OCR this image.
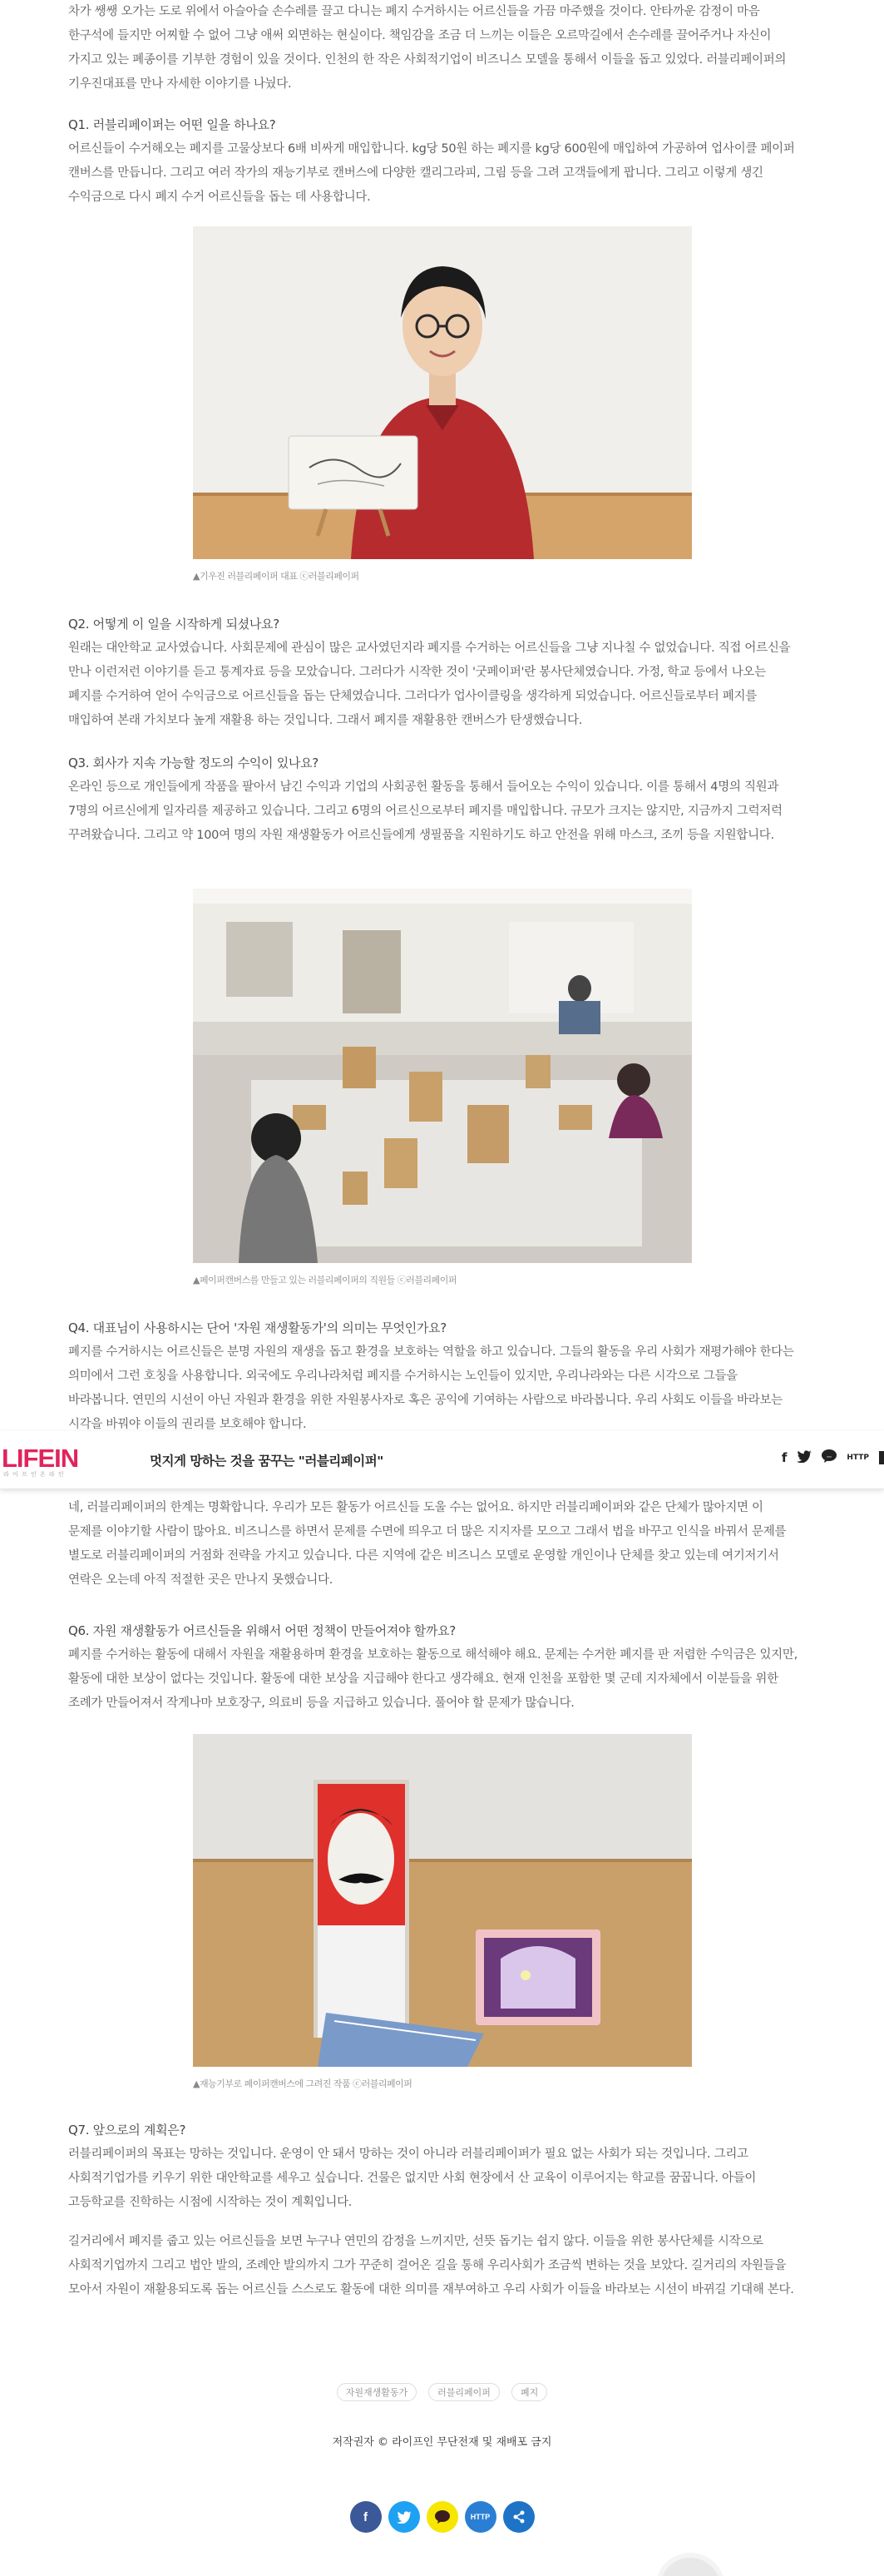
차가 쌩쌩 오가는 도로 위에서 아슬아슬 손수레를 끌고 다니는 폐지 수거하시는 어르신들을 가끔 마주했을 것이다. 안타까운 감정이 마음 한구석에 들지만 어찌할 수 없어 그냥 애써 외면하는 현실이다. 책임감을 조금 더 느끼는 이들은 오르막길에서 손수레를 끌어주거나 자신이 가지고 있는 폐종이를 기부한 경험이 있을 것이다. 인천의 한 작은 사회적기업이 비즈니스 모델을 통해서 이들을 돕고 있었다. 러블리페이퍼의 기우진대표를 만나 자세한 이야기를 나눴다.

Q1. 러블리페이퍼는 어떤 일을 하나요?

어르신들이 수거해오는 폐지를 고물상보다 6배 비싸게 매입합니다. kg당 50원 하는 폐지를 kg당 600원에 매입하여 가공하여 업사이클 페이퍼 캔버스를 만듭니다. 그리고 여러 작가의 재능기부로 캔버스에 다양한 캘리그라피, 그림 등을 그려 고객들에게 팝니다. 그리고 이렇게 생긴 수익금으로 다시 폐지 수거 어르신들을 돕는 데 사용합니다.

Q2. 어떻게 이 일을 시작하게 되셨나요?

원래는 대안학교 교사였습니다. 사회문제에 관심이 많은 교사였던지라 폐지를 수거하는 어르신들을 그냥 지나칠 수 없었습니다. 직접 어르신을 만나 이런저런 이야기를 듣고 통계자료 등을 모았습니다. 그러다가 시작한 것이 '굿페이퍼'란 봉사단체였습니다. 가정, 학교 등에서 나오는 폐지를 수거하여 얻어 수익금으로 어르신들을 돕는 단체였습니다. 그러다가 업사이클링을 생각하게 되었습니다. 어르신들로부터 폐지를 매입하여 본래 가치보다 높게 재활용 하는 것입니다. 그래서 폐지를 재활용한 캔버스가 탄생했습니다.

Q3. 회사가 지속 가능할 정도의 수익이 있나요?

온라인 등으로 개인들에게 작품을 팔아서 남긴 수익과 기업의 사회공헌 활동을 통해서 들어오는 수익이 있습니다. 이를 통해서 4명의 직원과 7명의 어르신에게 일자리를 제공하고 있습니다. 그리고 6명의 어르신으로부터 폐지를 매입합니다. 규모가 크지는 않지만, 지금까지 그럭저럭 꾸려왔습니다. 그리고 약 100여 명의 자원 재생활동가 어르신들에게 생필품을 지원하기도 하고 안전을 위해 마스크, 조끼 등을 지원합니다.

Q4. 대표님이 사용하시는 단어 '자원 재생활동가'의 의미는 무엇인가요?

폐지를 수거하시는 어르신들은 분명 자원의 재생을 돕고 환경을 보호하는 역할을 하고 있습니다. 그들의 활동을 우리 사회가 재평가해야 한다는 의미에서 그런 호칭을 사용합니다. 외국에도 우리나라처럼 폐지를 수거하시는 노인들이 있지만, 우리나라와는 다른 시각으로 그들을 바라봅니다. 연민의 시선이 아닌 자원과 환경을 위한 자원봉사자로 혹은 공익에 기여하는 사람으로 바라봅니다. 우리 사회도 이들을 바라보는 시각을 바꿔야 이들의 권리를 보호해야 합니다.

네, 러블리페이퍼의 한계는 명확합니다. 우리가 모든 활동가 어르신들 도울 수는 없어요. 하지만 러블리페이퍼와 같은 단체가 많아지면 이 문제를 이야기할 사람이 많아요. 비즈니스를 하면서 문제를 수면에 띄우고 더 많은 지지자를 모으고 그래서 법을 바꾸고 인식을 바꿔서 문제를

별도로 러블리페이퍼의 거점화 전략을 가지고 있습니다. 다른 지역에 같은 비즈니스 모델로 운영할 개인이나 단체를 찾고 있는데 여기저기서 연락은 오는데 아직 적절한 곳은 만나지 못했습니다.

Q6. 자원 재생활동가 어르신들을 위해서 어떤 정책이 만들어져야 할까요?

폐지를 수거하는 활동에 대해서 자원을 재활용하며 환경을 보호하는 활동으로 해석해야 해요. 문제는 수거한 폐지를 판 저렴한 수익금은 있지만, 활동에 대한 보상이 없다는 것입니다. 활동에 대한 보상을 지급해야 한다고 생각해요. 현재 인천을 포함한 몇 군데 지자체에서 이분들을 위한 조례가 만들어져서 작게나마 보호장구, 의료비 등을 지급하고 있습니다. 풀어야 할 문제가 많습니다.

Q7. 앞으로의 계획은?

러블리페이퍼의 목표는 망하는 것입니다. 운영이 안 돼서 망하는 것이 아니라 러블리페이퍼가 필요 없는 사회가 되는 것입니다. 그리고 사회적기업가를 키우기 위한 대안학교를 세우고 싶습니다. 건물은 없지만 사회 현장에서 산 교육이 이루어지는 학교를 꿈꿉니다. 아들이 고등학교를 진학하는 시점에 시작하는 것이 계획입니다.

길거리에서 폐지를 줍고 있는 어르신들을 보면 누구나 연민의 감정을 느끼지만, 선뜻 돕기는 쉽지 않다. 이들을 위한 봉사단체를 시작으로 사회적기업까지 그리고 법안 발의, 조례안 발의까지 그가 꾸준히 걸어온 길을 통해 우리사회가 조금씩 변하는 것을 보았다. 길거리의 자원들을 모아서 자원이 재활용되도록 돕는 어르신들 스스로도 활동에 대한 의미를 재부여하고 우리 사회가 이들을 바라보는 시선이 바뀌길 기대해 본다.

▲기우진 러블리페이퍼 대표 ⓒ러블리페이퍼
▲페이퍼캔버스를 만들고 있는 러블리페이퍼의 직원들 ⓒ러블리페이퍼
▲재능기부로 페이퍼캔버스에 그려진 작품 ⓒ러블리페이퍼
LIFEIN
라 이 프 인 온 라 인
멋지게 망하는 것을 꿈꾸는 "러블리페이퍼"	f	… HTTP
자원재생활동가	러블리페이퍼	폐지
저작권자 © 라이프인 무단전재 및 재배포 금지
f	HTTP
